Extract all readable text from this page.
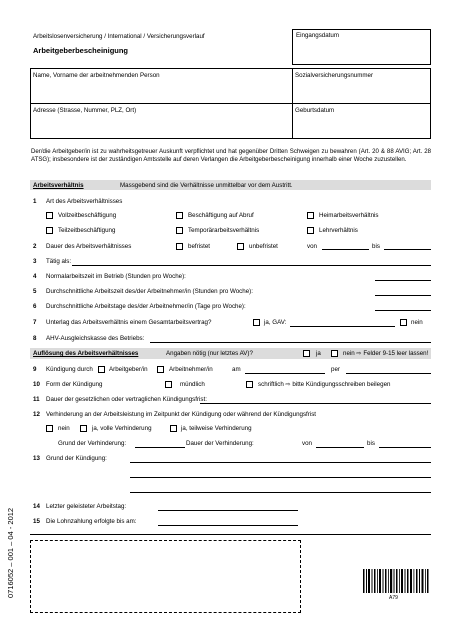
Arbeitslosenversicherung / International / Versicherungsverlauf
Arbeitgeberbescheinigung
Eingangsdatum
Name, Vorname der arbeitnehmenden Person	Sozialversicherungsnummer
Adresse (Strasse, Nummer, PLZ, Ort)	Geburtsdatum
Der/die Arbeitgeber/in ist zu wahrheitsgetreuer Auskunft verpflichtet und hat gegenüber Dritten Schweigen zu bewahren (Art. 20 & 88 AVIG; Art. 28 ATSG); insbesondere ist der zuständigen Amtsstelle auf deren Verlangen die Arbeitgeberbescheinigung innerhalb einer Woche zuzustellen.
Arbeitsverhältnis	Massgebend sind die Verhältnisse unmittelbar vor dem Austritt.
1 Art des Arbeitsverhältnisses
Vollzeitbeschäftigung	Beschäftigung auf Abruf	Heimarbeitsverhältnis
Teilzeitbeschäftigung	Temporärarbeitsverhältnis	Lehrverhältnis
2 Dauer des Arbeitsverhältnisses	befristet	unbefristet	von	bis
3 Tätig als:
4 Normalarbeitszeit im Betrieb (Stunden pro Woche):
5 Durchschnittliche Arbeitszeit des/der Arbeitnehmer/in (Stunden pro Woche):
6 Durchschnittliche Arbeitstage des/der Arbeitnehmer/in (Tage pro Woche):
7 Unterlag das Arbeitsverhältnis einem Gesamtarbeitsvertrag?	ja, GAV:	nein
8 AHV-Ausgleichskasse des Betriebs:
Auflösung des Arbeitsverhältnisses	Angaben nötig (nur letztes AV)?	ja	nein ⇨ Felder 9-15 leer lassen!
9 Kündigung durch	Arbeitgeber/in	Arbeitnehmer/in	am	per
10 Form der Kündigung	mündlich	schriftlich ⇨ bitte Kündigungsschreiben beilegen
11 Dauer der gesetzlichen oder vertraglichen Kündigungsfrist:
12 Verhinderung an der Arbeitsleistung im Zeitpunkt der Kündigung oder während der Kündigungsfrist
nein	ja, volle Verhinderung	ja, teilweise Verhinderung
Grund der Verhinderung:	Dauer der Verhinderung:	von	bis
13 Grund der Kündigung:
14 Letzter geleisteter Arbeitstag:
15 Die Lohnzahlung erfolgte bis am:
0716052 – 001 – 04 - 2012	A79
